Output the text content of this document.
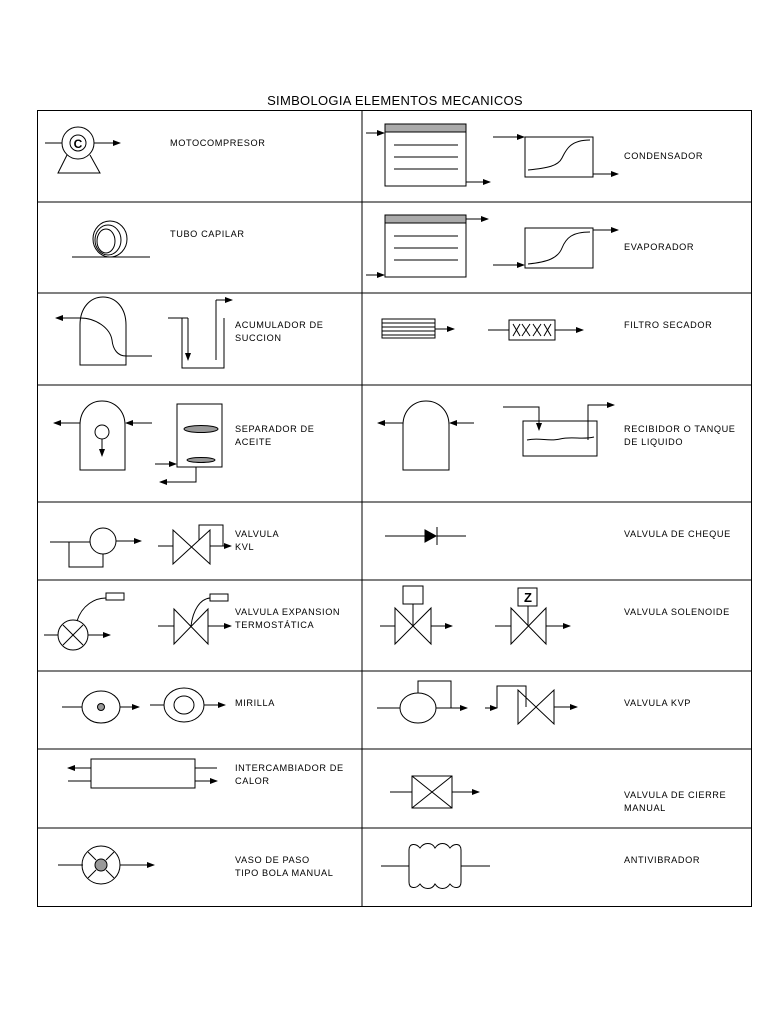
SIMBOLOGIA ELEMENTOS MECANICOS
C
Z
MOTOCOMPRESOR
CONDENSADOR
TUBO CAPILAR
EVAPORADOR
ACUMULADOR DE
SUCCION
FILTRO SECADOR
SEPARADOR DE
ACEITE
RECIBIDOR O TANQUE
DE LIQUIDO
VALVULA
KVL
VALVULA DE CHEQUE
VALVULA EXPANSION
TERMOSTÁTICA
VALVULA SOLENOIDE
MIRILLA	VALVULA KVP
INTERCAMBIADOR DE
CALOR
VALVULA DE CIERRE
MANUAL
VASO DE PASO
TIPO BOLA MANUAL
ANTIVIBRADOR
